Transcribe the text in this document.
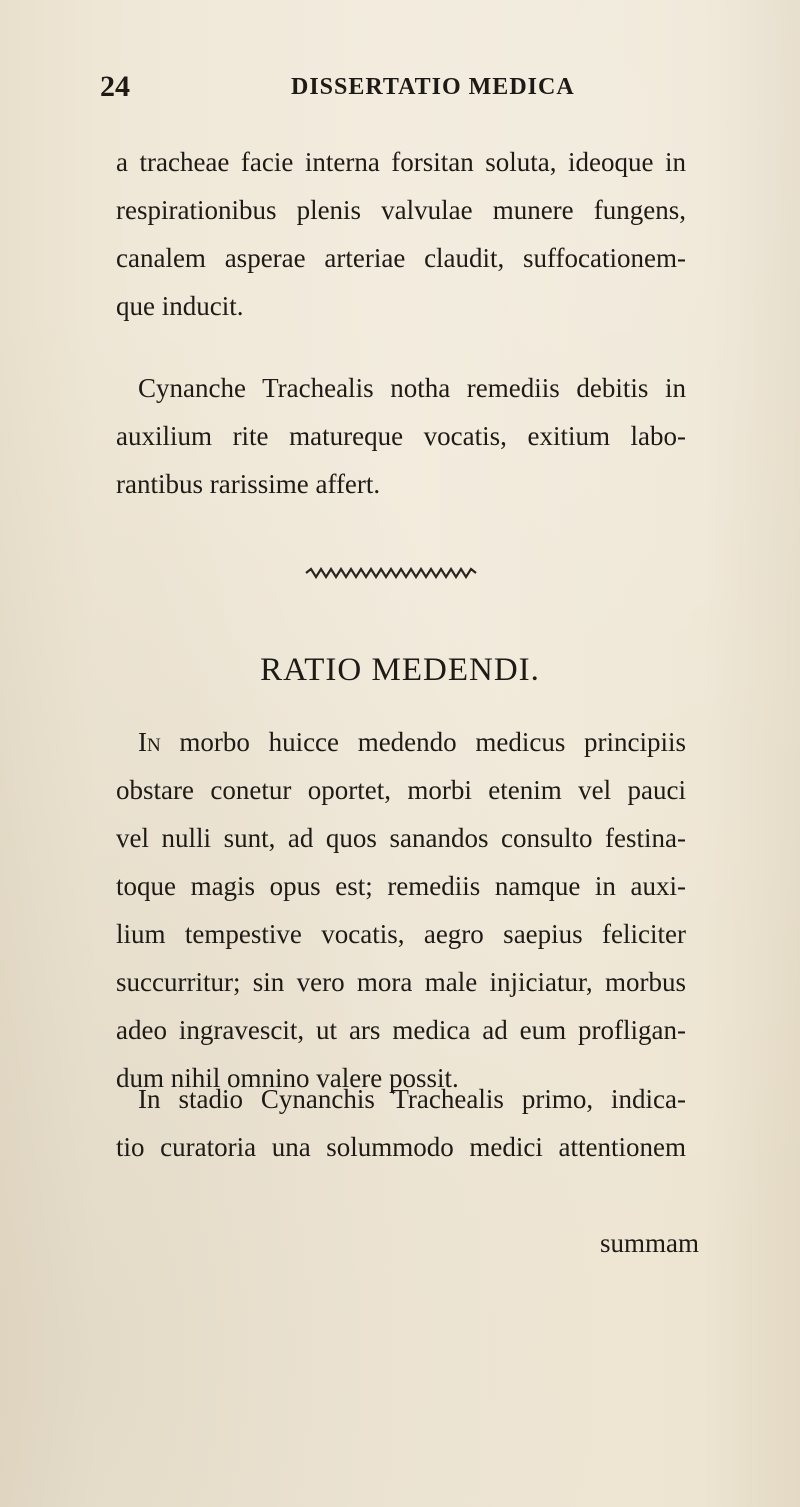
24	DISSERTATIO MEDICA
a tracheae facie interna forsitan soluta, ideoque in
respirationibus plenis valvulae munere fungens,
canalem asperae arteriae claudit, suffocationem-
que inducit.
Cynanche Trachealis notha remediis debitis in
auxilium rite matureque vocatis, exitium labo-
rantibus rarissime affert.
RATIO MEDENDI.
In morbo huicce medendo medicus principiis
obstare conetur oportet, morbi etenim vel pauci
vel nulli sunt, ad quos sanandos consulto festina-
toque magis opus est; remediis namque in auxi-
lium tempestive vocatis, aegro saepius feliciter
succurritur; sin vero mora male injiciatur, morbus
adeo ingravescit, ut ars medica ad eum profligan-
dum nihil omnino valere possit.
In stadio Cynanchis Trachealis primo, indica-
tio curatoria una solummodo medici attentionem
summam
